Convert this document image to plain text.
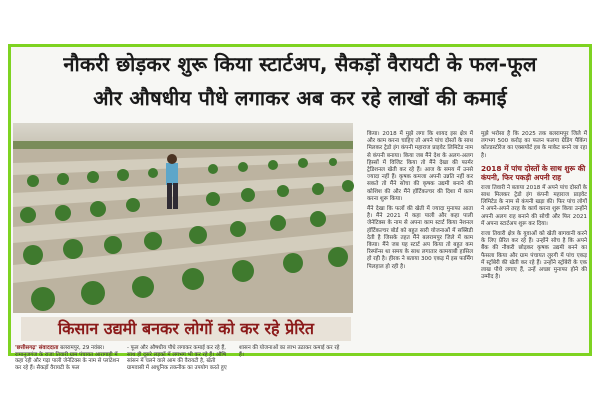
नौकरी छोड़कर शुरू किया स्टार्टअप, सैकड़ों वैरायटी के फल-फूल
और औषधीय पौधे लगाकर अब कर रहे लाखों की कमाई
किसान उद्यमी बनकर लोगों को कर रहे प्रेरित
'छत्तीसगढ़' संवाददाता बलरामपुर, 29 नवंबर। रामानुजगंज के राजा तिवारी ग्राम पंचायत आरागाही में कहा रही और गढ़ा पाली जेनेटिक्स के नाम से प्लांटेशन कर रहे हैं। सैकड़ों वैरायटी के फल
- फूल और औषधीय पौधे लगाकर कमाई कर रहे हैं, साथ ही दूसरे लड़कों में लगभग भी कर रहे हैं। औषि सांसन में चलने वाले आम की वैरायटी है, खेती ग्रामवासी में आधुनिक तकनीक का उपयोग करते हुए
शासन की योजनाओं का लाभ उठाकर कमाई कर रहे हैं।

किया। 2018 में मुझे लगा कि शायद इस क्षेत्र में और काम करना चाहिए तो अपने पांच दोस्तों के साथ मिलकर ट्रेडो इंग कंपनी महाराज प्राइवेट लिमिटेड नाम से कंपनी बनाया। किया जब मैंने देश के अलग-अलग हिस्सों में विजिट किया तो मैंने देखा की फार्मर ट्रेडिशनल खेती कर रहे हैं। आज के समय में उनसे ज्यादा नहीं हैं। कृषक कमजा अपनी उन्नति नहीं कर सकते तो मैंने सोचा की कृषक उद्यमी बनाने की कोशिश की और मैंने हॉर्टिकल्चर की दिशा में काम करना शुरू किया।

मैंने देखा कि फलों की खेती में ज्यादा मुनाफा आता है। मैंने 2021 में कहा पाली और कहा पाली जेनेटिक्स के नाम से अपना काम स्टार्ट किया नेशनल हॉर्टिकल्चर बोर्ड को बहुत सारी योजनाओं में सब्सिडी देती है जिसके तहत मैंने बलरामपुर जिले में काम किया। मैंने जब यह स्टार्ट अप किया तो बहुत कम रिस्पॉन्स था समय के साथ लगातार कामयाबी हासिल हो रही है। हीरक ने बताया 300 एकड़ में इस फार्मिंग पिलहाल हो रही है।

मुझे भरोसा है कि 2025 तक बलरामपुर जिले में लगभग 500 करोड़ का फलन फलगा ग्रेडिंग पैकिंग कोल्डस्टोरेज का एक्सपोर्ट हब के माकेट बनने जा रहा है।

2018 में पांच दोस्तों के साथ शुरू की कंपनी, फिर पकड़ी अपनी राह

राजा तिवारी ने बताया 2018 में अपने पांच दोस्तों के साथ मिलकर ट्रेडो इंग कंपनी महाराज प्राइवेट लिमिटेड के नाम से कंपनी खड़ा की। फिर पांच लोगों ने अपने-अपने तरह के कार्य करना शुरू किया उन्होंने अपनी अलग राह बनाने की सोची और फिर 2021 में अपना स्टार्टअप शुरू कर दिया।

राजा तिवारी क्षेत्र के युवाओं को खेती बागवानी करने के लिए प्रेरित कर रहे हैं। उन्होंने सोच है कि अपने बैंक की नौकरी छोड़कर कृषक उद्यमी बनने का फैसला किया और ग्राम पंचायत लुरगी में पांच एकड़ में स्ट्रॉबेरी की खेती कर रहे हैं। उन्होंने स्ट्रॉबेरी के एक लाख पौधे लगाए हैं, उन्हें अच्छा मुनाफा होने की उम्मीद है।
